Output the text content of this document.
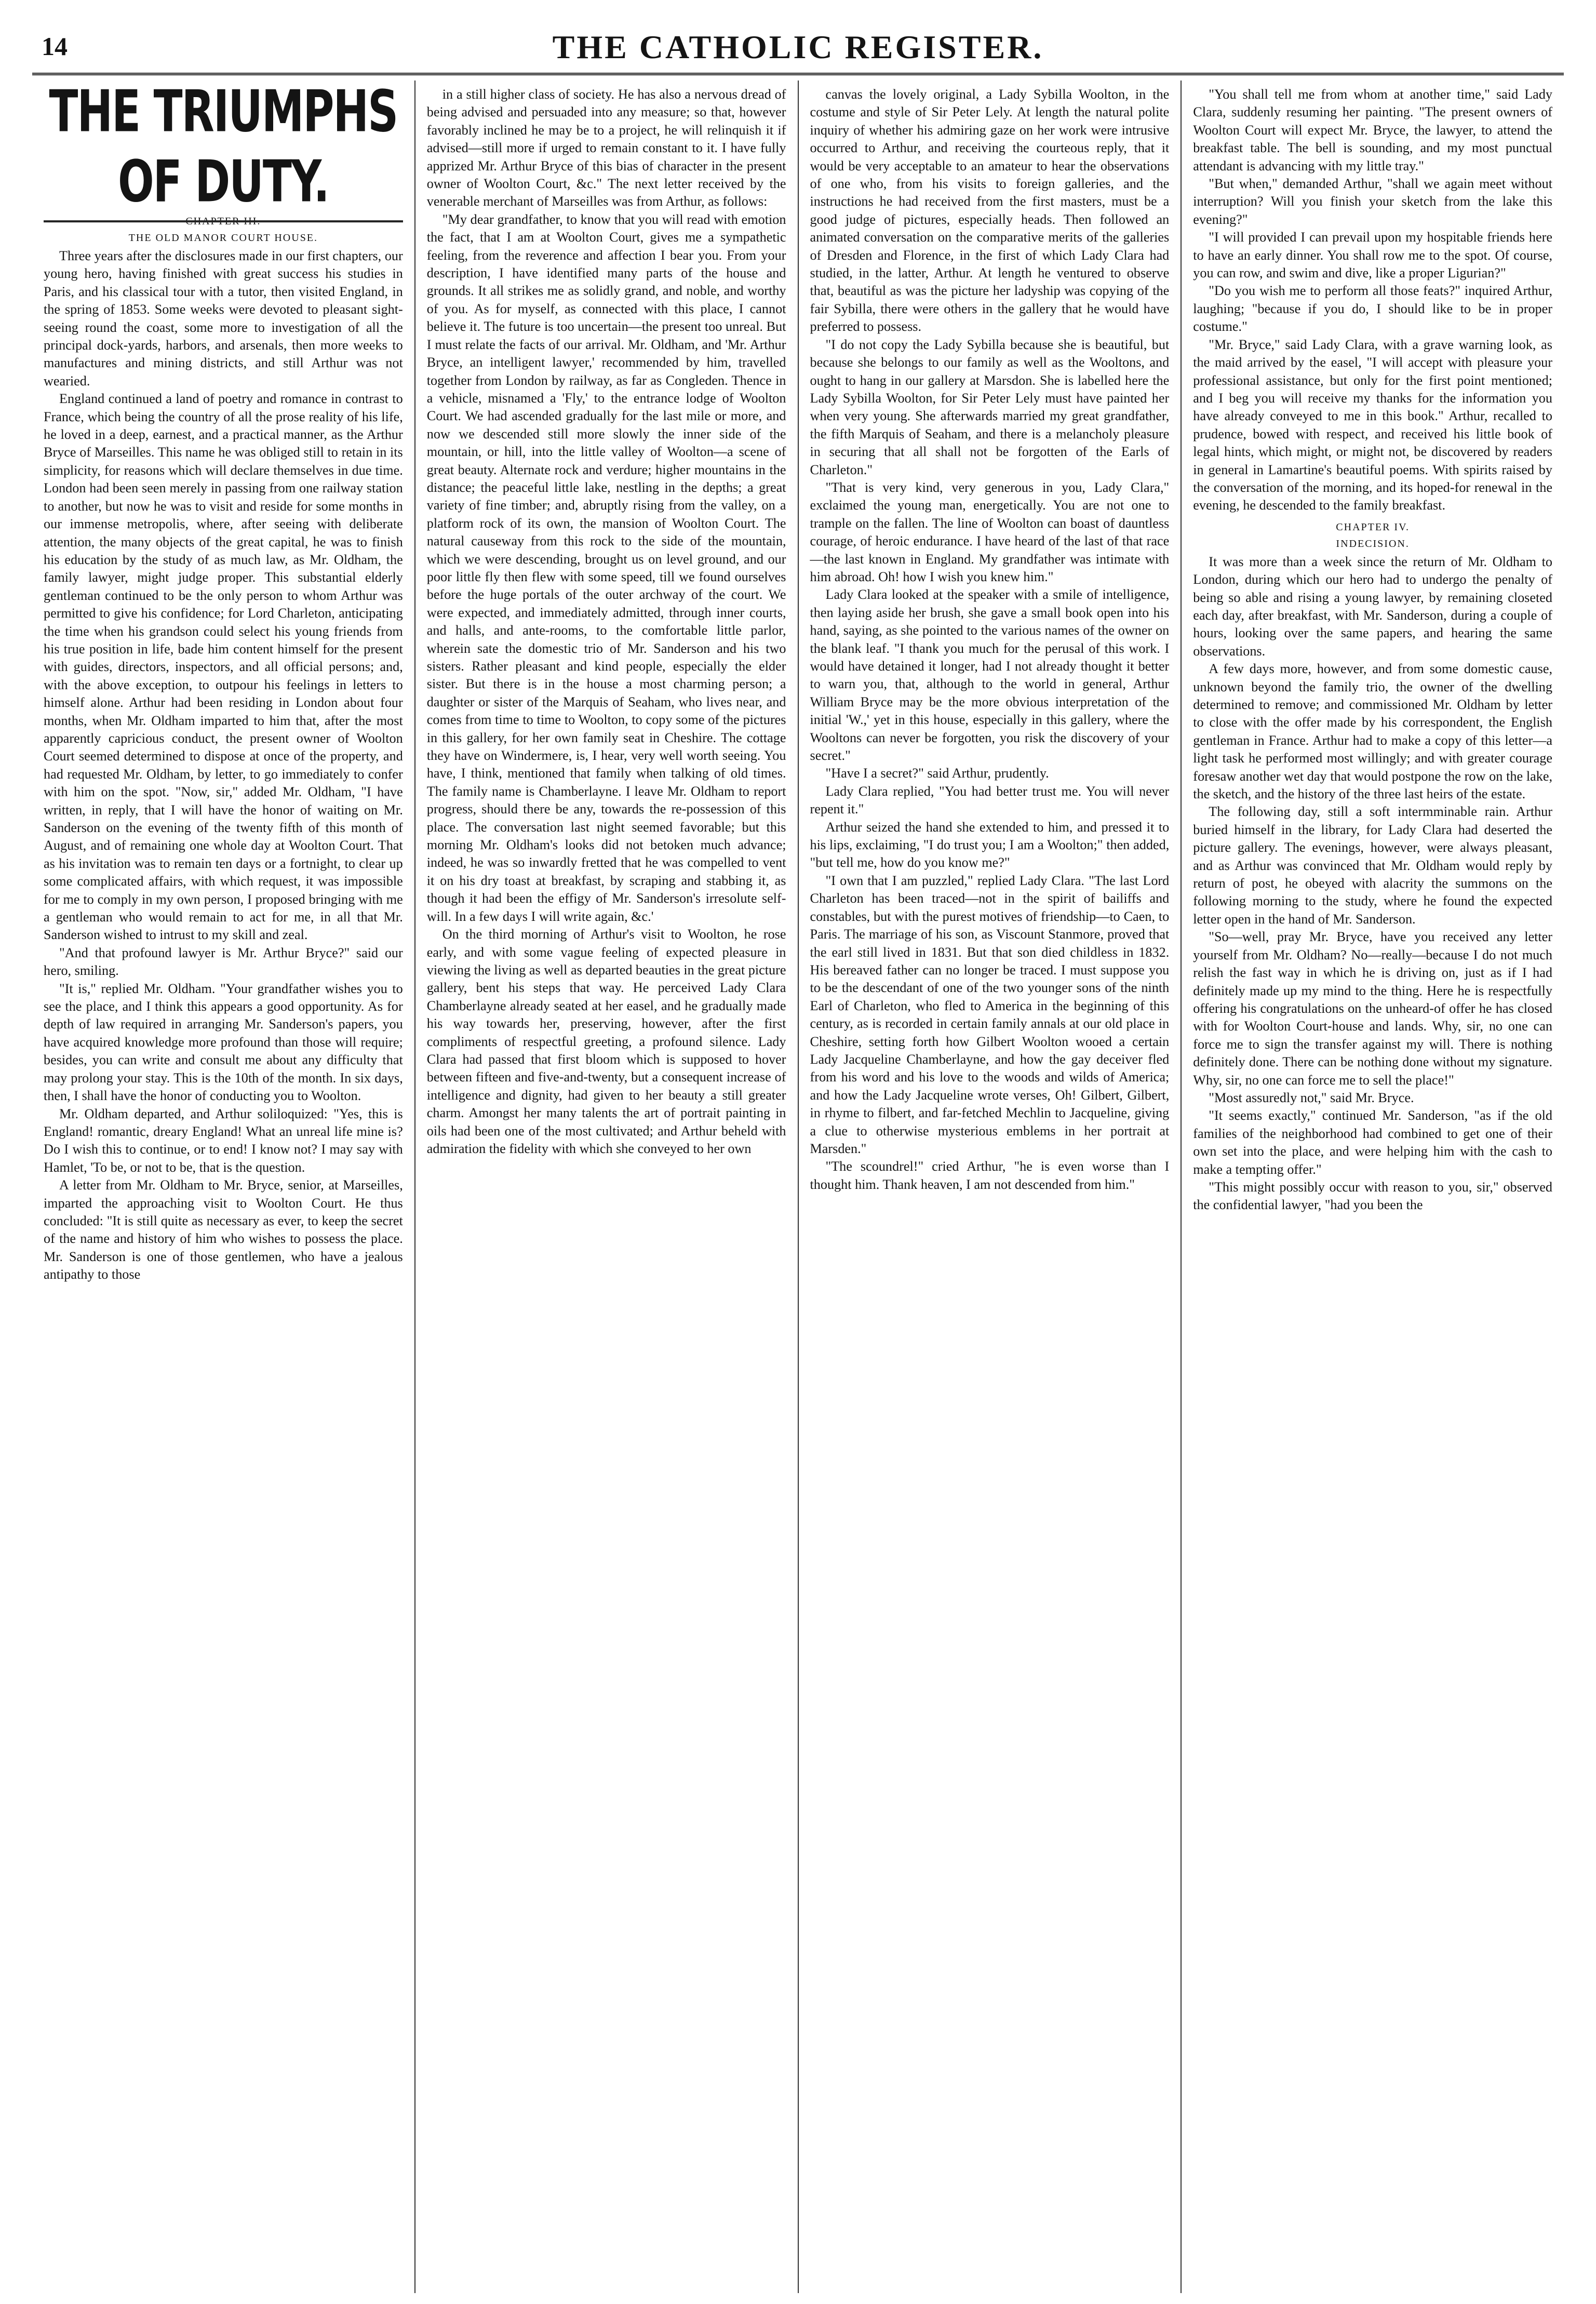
14	THE CATHOLIC REGISTER.
THE TRIUMPHS OF DUTY.
CHAPTER III.
THE OLD MANOR COURT HOUSE.

Three years after the disclosures made in our first chapters, our young hero, having finished with great success his studies in Paris, and his classical tour with a tutor, then visited England, in the spring of 1853. Some weeks were devoted to pleasant sight-seeing round the coast, some more to investigation of all the principal dock-yards, harbors, and arsenals, then more weeks to manufactures and mining districts, and still Arthur was not wearied.

England continued a land of poetry and romance in contrast to France, which being the country of all the prose reality of his life, he loved in a deep, earnest, and a practical manner, as the Arthur Bryce of Marseilles. This name he was obliged still to retain in its simplicity, for reasons which will declare themselves in due time. London had been seen merely in passing from one railway station to another, but now he was to visit and reside for some months in our immense metropolis, where, after seeing with deliberate attention, the many objects of the great capital, he was to finish his education by the study of as much law, as Mr. Oldham, the family lawyer, might judge proper. This substantial elderly gentleman continued to be the only person to whom Arthur was permitted to give his confidence; for Lord Charleton, anticipating the time when his grandson could select his young friends from his true position in life, bade him content himself for the present with guides, directors, inspectors, and all official persons; and, with the above exception, to outpour his feelings in letters to himself alone. Arthur had been residing in London about four months, when Mr. Oldham imparted to him that, after the most apparently capricious conduct, the present owner of Woolton Court seemed determined to dispose at once of the property, and had requested Mr. Oldham, by letter, to go immediately to confer with him on the spot. "Now, sir," added Mr. Oldham, "I have written, in reply, that I will have the honor of waiting on Mr. Sanderson on the evening of the twenty fifth of this month of August, and of remaining one whole day at Woolton Court. That as his invitation was to remain ten days or a fortnight, to clear up some complicated affairs, with which request, it was impossible for me to comply in my own person, I proposed bringing with me a gentleman who would remain to act for me, in all that Mr. Sanderson wished to intrust to my skill and zeal.

"And that profound lawyer is Mr. Arthur Bryce?" said our hero, smiling.

"It is," replied Mr. Oldham. "Your grandfather wishes you to see the place, and I think this appears a good opportunity. As for depth of law required in arranging Mr. Sanderson's papers, you have acquired knowledge more profound than those will require; besides, you can write and consult me about any difficulty that may prolong your stay. This is the 10th of the month. In six days, then, I shall have the honor of conducting you to Woolton.

Mr. Oldham departed, and Arthur soliloquized: "Yes, this is England! romantic, dreary England! What an unreal life mine is? Do I wish this to continue, or to end! I know not? I may say with Hamlet, 'To be, or not to be, that is the question.

A letter from Mr. Oldham to Mr. Bryce, senior, at Marseilles, imparted the approaching visit to Woolton Court. He thus concluded: "It is still quite as necessary as ever, to keep the secret of the name and history of him who wishes to possess the place. Mr. Sanderson is one of those gentlemen, who have a jealous antipathy to those

in a still higher class of society. He has also a nervous dread of being advised and persuaded into any measure; so that, however favorably inclined he may be to a project, he will relinquish it if advised—still more if urged to remain constant to it. I have fully apprized Mr. Arthur Bryce of this bias of character in the present owner of Woolton Court, &c." The next letter received by the venerable merchant of Marseilles was from Arthur, as follows:

"My dear grandfather, to know that you will read with emotion the fact, that I am at Woolton Court, gives me a sympathetic feeling, from the reverence and affection I bear you. From your description, I have identified many parts of the house and grounds. It all strikes me as solidly grand, and noble, and worthy of you. As for myself, as connected with this place, I cannot believe it. The future is too uncertain—the present too unreal. But I must relate the facts of our arrival. Mr. Oldham, and 'Mr. Arthur Bryce, an intelligent lawyer,' recommended by him, travelled together from London by railway, as far as Congleden. Thence in a vehicle, misnamed a 'Fly,' to the entrance lodge of Woolton Court. We had ascended gradually for the last mile or more, and now we descended still more slowly the inner side of the mountain, or hill, into the little valley of Woolton—a scene of great beauty. Alternate rock and verdure; higher mountains in the distance; the peaceful little lake, nestling in the depths; a great variety of fine timber; and, abruptly rising from the valley, on a platform rock of its own, the mansion of Woolton Court. The natural causeway from this rock to the side of the mountain, which we were descending, brought us on level ground, and our poor little fly then flew with some speed, till we found ourselves before the huge portals of the outer archway of the court. We were expected, and immediately admitted, through inner courts, and halls, and ante-rooms, to the comfortable little parlor, wherein sate the domestic trio of Mr. Sanderson and his two sisters. Rather pleasant and kind people, especially the elder sister. But there is in the house a most charming person; a daughter or sister of the Marquis of Seaham, who lives near, and comes from time to time to Woolton, to copy some of the pictures in this gallery, for her own family seat in Cheshire. The cottage they have on Windermere, is, I hear, very well worth seeing. You have, I think, mentioned that family when talking of old times. The family name is Chamberlayne. I leave Mr. Oldham to report progress, should there be any, towards the re-possession of this place. The conversation last night seemed favorable; but this morning Mr. Oldham's looks did not betoken much advance; indeed, he was so inwardly fretted that he was compelled to vent it on his dry toast at breakfast, by scraping and stabbing it, as though it had been the effigy of Mr. Sanderson's irresolute self-will. In a few days I will write again, &c.'

On the third morning of Arthur's visit to Woolton, he rose early, and with some vague feeling of expected pleasure in viewing the living as well as departed beauties in the great picture gallery, bent his steps that way. He perceived Lady Clara Chamberlayne already seated at her easel, and he gradually made his way towards her, preserving, however, after the first compliments of respectful greeting, a profound silence. Lady Clara had passed that first bloom which is supposed to hover between fifteen and five-and-twenty, but a consequent increase of intelligence and dignity, had given to her beauty a still greater charm. Amongst her many talents the art of portrait painting in oils had been one of the most cultivated; and Arthur beheld with admiration the fidelity with which she conveyed to her own

canvas the lovely original, a Lady Sybilla Woolton, in the costume and style of Sir Peter Lely. At length the natural polite inquiry of whether his admiring gaze on her work were intrusive occurred to Arthur, and receiving the courteous reply, that it would be very acceptable to an amateur to hear the observations of one who, from his visits to foreign galleries, and the instructions he had received from the first masters, must be a good judge of pictures, especially heads. Then followed an animated conversation on the comparative merits of the galleries of Dresden and Florence, in the first of which Lady Clara had studied, in the latter, Arthur. At length he ventured to observe that, beautiful as was the picture her ladyship was copying of the fair Sybilla, there were others in the gallery that he would have preferred to possess.

"I do not copy the Lady Sybilla because she is beautiful, but because she belongs to our family as well as the Wooltons, and ought to hang in our gallery at Marsdon. She is labelled here the Lady Sybilla Woolton, for Sir Peter Lely must have painted her when very young. She afterwards married my great grandfather, the fifth Marquis of Seaham, and there is a melancholy pleasure in securing that all shall not be forgotten of the Earls of Charleton."

"That is very kind, very generous in you, Lady Clara," exclaimed the young man, energetically. You are not one to trample on the fallen. The line of Woolton can boast of dauntless courage, of heroic endurance. I have heard of the last of that race—the last known in England. My grandfather was intimate with him abroad. Oh! how I wish you knew him."

Lady Clara looked at the speaker with a smile of intelligence, then laying aside her brush, she gave a small book open into his hand, saying, as she pointed to the various names of the owner on the blank leaf. "I thank you much for the perusal of this work. I would have detained it longer, had I not already thought it better to warn you, that, although to the world in general, Arthur William Bryce may be the more obvious interpretation of the initial 'W.,' yet in this house, especially in this gallery, where the Wooltons can never be forgotten, you risk the discovery of your secret."

"Have I a secret?" said Arthur, prudently.

Lady Clara replied, "You had better trust me. You will never repent it."

Arthur seized the hand she extended to him, and pressed it to his lips, exclaiming, "I do trust you; I am a Woolton;" then added, "but tell me, how do you know me?"

"I own that I am puzzled," replied Lady Clara. "The last Lord Charleton has been traced—not in the spirit of bailiffs and constables, but with the purest motives of friendship—to Caen, to Paris. The marriage of his son, as Viscount Stanmore, proved that the earl still lived in 1831. But that son died childless in 1832. His bereaved father can no longer be traced. I must suppose you to be the descendant of one of the two younger sons of the ninth Earl of Charleton, who fled to America in the beginning of this century, as is recorded in certain family annals at our old place in Cheshire, setting forth how Gilbert Woolton wooed a certain Lady Jacqueline Chamberlayne, and how the gay deceiver fled from his word and his love to the woods and wilds of America; and how the Lady Jacqueline wrote verses, Oh! Gilbert, Gilbert, in rhyme to filbert, and far-fetched Mechlin to Jacqueline, giving a clue to otherwise mysterious emblems in her portrait at Marsden."

"The scoundrel!" cried Arthur, "he is even worse than I thought him. Thank heaven, I am not descended from him."

"You shall tell me from whom at another time," said Lady Clara, suddenly resuming her painting. "The present owners of Woolton Court will expect Mr. Bryce, the lawyer, to attend the breakfast table. The bell is sounding, and my most punctual attendant is advancing with my little tray."

"But when," demanded Arthur, "shall we again meet without interruption? Will you finish your sketch from the lake this evening?"

"I will provided I can prevail upon my hospitable friends here to have an early dinner. You shall row me to the spot. Of course, you can row, and swim and dive, like a proper Ligurian?"

"Do you wish me to perform all those feats?" inquired Arthur, laughing; "because if you do, I should like to be in proper costume."

"Mr. Bryce," said Lady Clara, with a grave warning look, as the maid arrived by the easel, "I will accept with pleasure your professional assistance, but only for the first point mentioned; and I beg you will receive my thanks for the information you have already conveyed to me in this book." Arthur, recalled to prudence, bowed with respect, and received his little book of legal hints, which might, or might not, be discovered by readers in general in Lamartine's beautiful poems. With spirits raised by the conversation of the morning, and its hoped-for renewal in the evening, he descended to the family breakfast.

CHAPTER IV.
INDECISION.

It was more than a week since the return of Mr. Oldham to London, during which our hero had to undergo the penalty of being so able and rising a young lawyer, by remaining closeted each day, after breakfast, with Mr. Sanderson, during a couple of hours, looking over the same papers, and hearing the same observations.

A few days more, however, and from some domestic cause, unknown beyond the family trio, the owner of the dwelling determined to remove; and commissioned Mr. Oldham by letter to close with the offer made by his correspondent, the English gentleman in France. Arthur had to make a copy of this letter—a light task he performed most willingly; and with greater courage foresaw another wet day that would postpone the row on the lake, the sketch, and the history of the three last heirs of the estate.

The following day, still a soft intermminable rain. Arthur buried himself in the library, for Lady Clara had deserted the picture gallery. The evenings, however, were always pleasant, and as Arthur was convinced that Mr. Oldham would reply by return of post, he obeyed with alacrity the summons on the following morning to the study, where he found the expected letter open in the hand of Mr. Sanderson.

"So—well, pray Mr. Bryce, have you received any letter yourself from Mr. Oldham? No—really—because I do not much relish the fast way in which he is driving on, just as if I had definitely made up my mind to the thing. Here he is respectfully offering his congratulations on the unheard-of offer he has closed with for Woolton Court-house and lands. Why, sir, no one can force me to sign the transfer against my will. There is nothing definitely done. There can be nothing done without my signature. Why, sir, no one can force me to sell the place!"

"Most assuredly not," said Mr. Bryce.

"It seems exactly," continued Mr. Sanderson, "as if the old families of the neighborhood had combined to get one of their own set into the place, and were helping him with the cash to make a tempting offer."

"This might possibly occur with reason to you, sir," observed the confidential lawyer, "had you been the
